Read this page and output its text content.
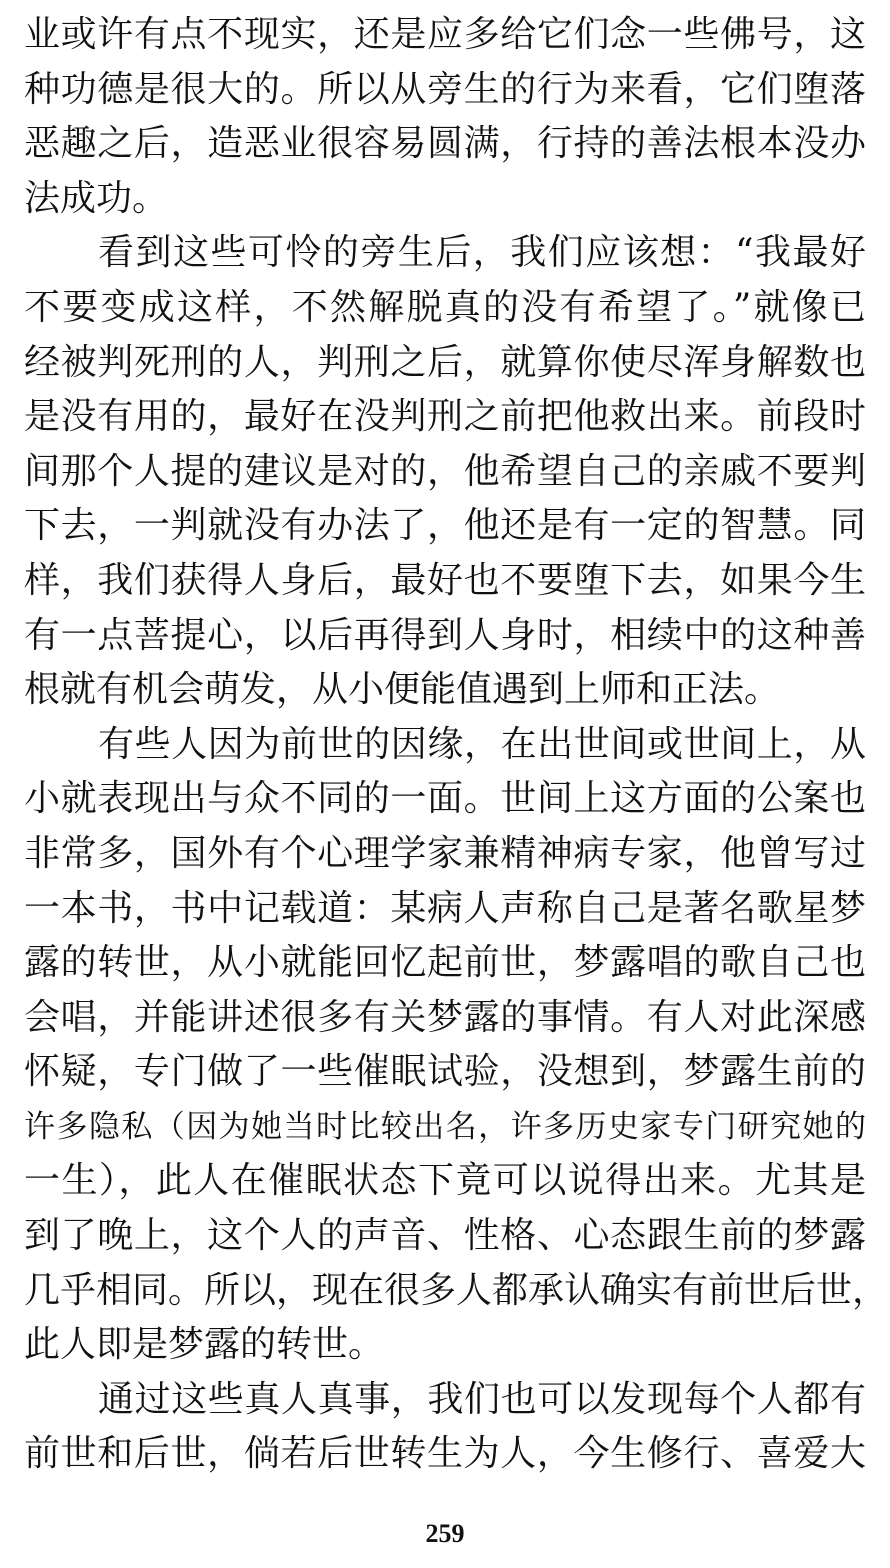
业或许有点不现实，还是应多给它们念一些佛号，这
种功德是很大的。所以从旁生的行为来看，它们堕落
恶趣之后，造恶业很容易圆满，行持的善法根本没办
法成功。
看到这些可怜的旁生后，我们应该想：“我最好
不要变成这样，不然解脱真的没有希望了。”就像已
经被判死刑的人，判刑之后，就算你使尽浑身解数也
是没有用的，最好在没判刑之前把他救出来。前段时
间那个人提的建议是对的，他希望自己的亲戚不要判
下去，一判就没有办法了，他还是有一定的智慧。同
样，我们获得人身后，最好也不要堕下去，如果今生
有一点菩提心，以后再得到人身时，相续中的这种善
根就有机会萌发，从小便能值遇到上师和正法。
有些人因为前世的因缘，在出世间或世间上，从
小就表现出与众不同的一面。世间上这方面的公案也
非常多，国外有个心理学家兼精神病专家，他曾写过
一本书，书中记载道：某病人声称自己是著名歌星梦
露的转世，从小就能回忆起前世，梦露唱的歌自己也
会唱，并能讲述很多有关梦露的事情。有人对此深感
怀疑，专门做了一些催眠试验，没想到，梦露生前的
许多隐私（因为她当时比较出名，许多历史家专门研究她的
一生），此人在催眠状态下竟可以说得出来。尤其是
到了晚上，这个人的声音、性格、心态跟生前的梦露
几乎相同。所以，现在很多人都承认确实有前世后世，
此人即是梦露的转世。
通过这些真人真事，我们也可以发现每个人都有
前世和后世，倘若后世转生为人，今生修行、喜爱大
259
